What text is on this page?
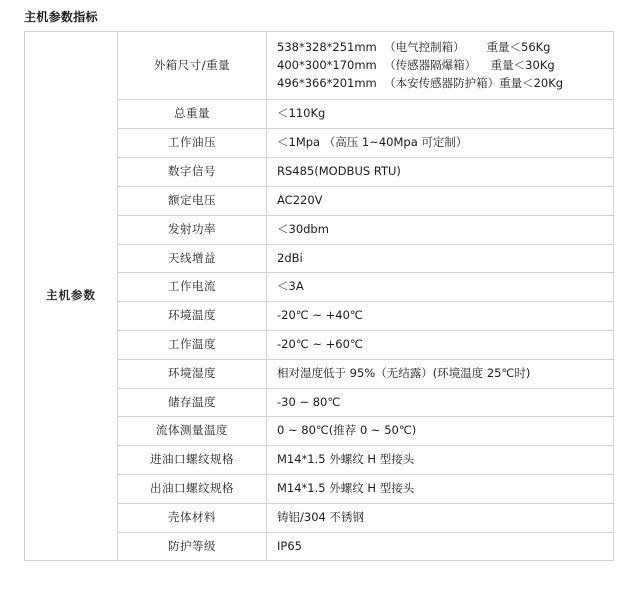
主机参数指标
主机参数	外箱尺寸/重量	538*328*251mm  （电气控制箱）      重量＜56Kg
400*300*170mm  （传感器隔爆箱）    重量＜30Kg
496*366*201mm  （本安传感器防护箱）重量＜20Kg

	总重量	＜110Kg
	工作油压	＜1Mpa （高压 1~40Mpa 可定制）
	数字信号	RS485(MODBUS RTU)
	额定电压	AC220V
	发射功率	＜30dbm
	天线增益	2dBi
	工作电流	＜3A
	环境温度	-20℃ ~ +40℃
	工作温度	-20℃ ~ +60℃
	环境湿度	相对湿度低于 95%（无结露）(环境温度 25℃时)
	储存温度	-30 ~ 80℃
	流体测量温度	0 ~ 80℃(推荐 0 ~ 50℃)
	进油口螺纹规格	M14*1.5 外螺纹 H 型接头
	出油口螺纹规格	M14*1.5 外螺纹 H 型接头
	壳体材料	铸铝/304 不锈钢
	防护等级	IP65
